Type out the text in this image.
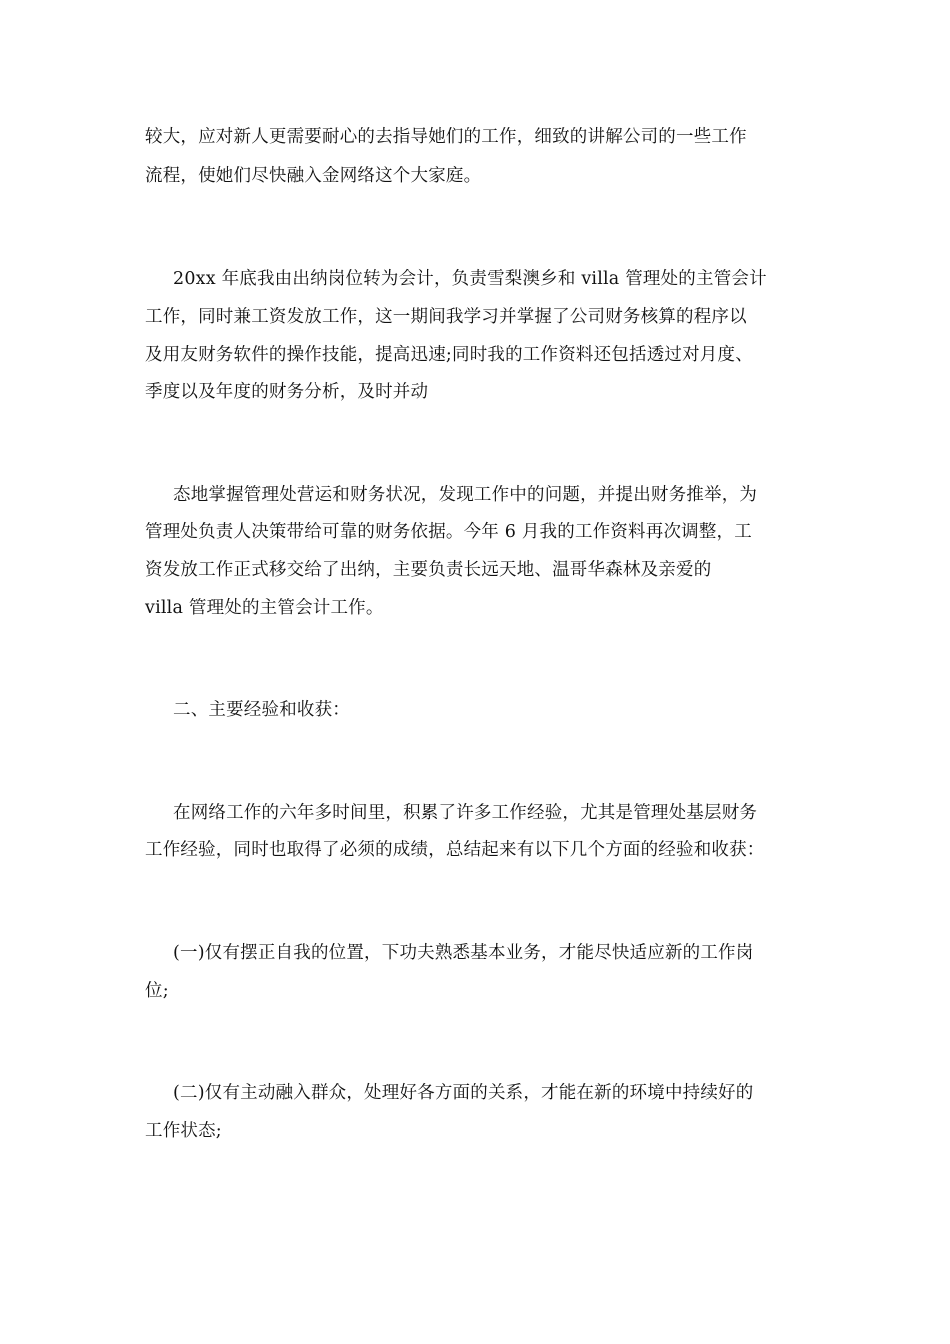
较大，应对新人更需要耐心的去指导她们的工作，细致的讲解公司的一些工作
流程，使她们尽快融入金网络这个大家庭。
20xx 年底我由出纳岗位转为会计，负责雪梨澳乡和 villa 管理处的主管会计
工作，同时兼工资发放工作，这一期间我学习并掌握了公司财务核算的程序以
及用友财务软件的操作技能，提高迅速;同时我的工作资料还包括透过对月度、
季度以及年度的财务分析，及时并动
态地掌握管理处营运和财务状况，发现工作中的问题，并提出财务推举，为
管理处负责人决策带给可靠的财务依据。今年 6 月我的工作资料再次调整，工
资发放工作正式移交给了出纳，主要负责长远天地、温哥华森林及亲爱的
villa 管理处的主管会计工作。
二、主要经验和收获：
在网络工作的六年多时间里，积累了许多工作经验，尤其是管理处基层财务
工作经验，同时也取得了必须的成绩，总结起来有以下几个方面的经验和收获：
(一)仅有摆正自我的位置，下功夫熟悉基本业务，才能尽快适应新的工作岗
位;
(二)仅有主动融入群众，处理好各方面的关系，才能在新的环境中持续好的
工作状态;
